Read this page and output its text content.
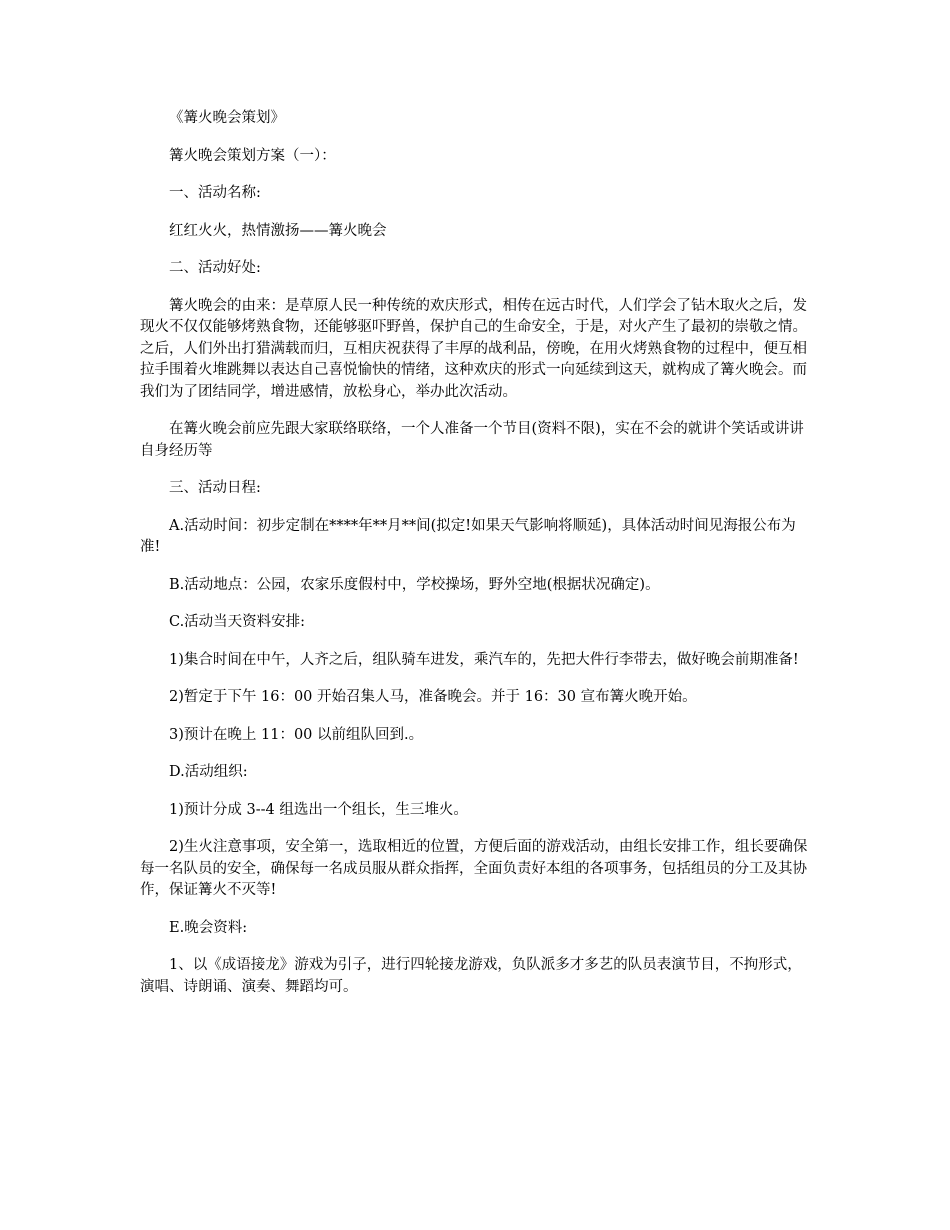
《篝火晚会策划》

篝火晚会策划方案（一）：

一、活动名称:

红红火火，热情激扬——篝火晚会

二、活动好处:

篝火晚会的由来：是草原人民一种传统的欢庆形式，相传在远古时代，人们学会了钻木取火之后，发现火不仅仅能够烤熟食物，还能够驱吓野兽，保护自己的生命安全，于是，对火产生了最初的崇敬之情。之后，人们外出打猎满载而归，互相庆祝获得了丰厚的战利品，傍晚，在用火烤熟食物的过程中，便互相拉手围着火堆跳舞以表达自己喜悦愉快的情绪，这种欢庆的形式一向延续到这天，就构成了篝火晚会。而我们为了团结同学，增进感情，放松身心，举办此次活动。

在篝火晚会前应先跟大家联络联络，一个人准备一个节目(资料不限)，实在不会的就讲个笑话或讲讲自身经历等

三、活动日程:

A.活动时间：初步定制在****年**月**间(拟定!如果天气影响将顺延)，具体活动时间见海报公布为准!

B.活动地点：公园，农家乐度假村中，学校操场，野外空地(根据状况确定)。

C.活动当天资料安排:

1)集合时间在中午，人齐之后，组队骑车进发，乘汽车的，先把大件行李带去，做好晚会前期准备!

2)暂定于下午 16：00 开始召集人马，准备晚会。并于 16：30 宣布篝火晚开始。

3)预计在晚上 11：00 以前组队回到.。

D.活动组织:

1)预计分成 3--4 组选出一个组长，生三堆火。

2)生火注意事项，安全第一，选取相近的位置，方便后面的游戏活动，由组长安排工作，组长要确保每一名队员的安全，确保每一名成员服从群众指挥，全面负责好本组的各项事务，包括组员的分工及其协作，保证篝火不灭等!

E.晚会资料:

1、以《成语接龙》游戏为引子，进行四轮接龙游戏，负队派多才多艺的队员表演节目，不拘形式，演唱、诗朗诵、演奏、舞蹈均可。
